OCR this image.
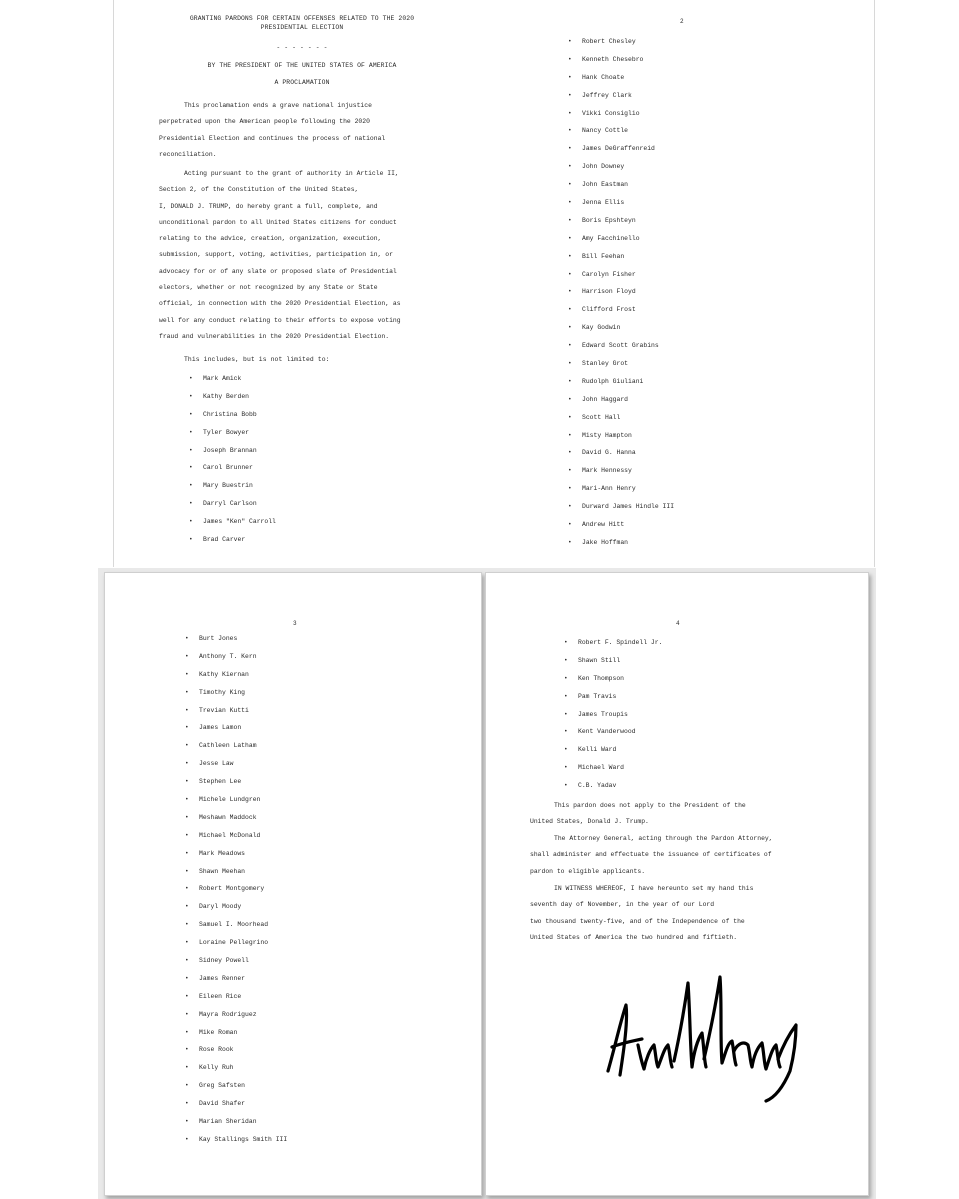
GRANTING PARDONS FOR CERTAIN OFFENSES RELATED TO THE 2020
PRESIDENTIAL ELECTION
- - - - - - -
BY THE PRESIDENT OF THE UNITED STATES OF AMERICA
A PROCLAMATION
This proclamation ends a grave national injustice
perpetrated upon the American people following the 2020
Presidential Election and continues the process of national
reconciliation.
Acting pursuant to the grant of authority in Article II,
Section 2, of the Constitution of the United States,
I, DONALD J. TRUMP, do hereby grant a full, complete, and
unconditional pardon to all United States citizens for conduct
relating to the advice, creation, organization, execution,
submission, support, voting, activities, participation in, or
advocacy for or of any slate or proposed slate of Presidential
electors, whether or not recognized by any State or State
official, in connection with the 2020 Presidential Election, as
well for any conduct relating to their efforts to expose voting
fraud and vulnerabilities in the 2020 Presidential Election.
This includes, but is not limited to:
• Mark Amick
• Kathy Berden
• Christina Bobb
• Tyler Bowyer
• Joseph Brannan
• Carol Brunner
• Mary Buestrin
• Darryl Carlson
• James "Ken" Carroll
• Brad Carver
2
• Robert Chesley
• Kenneth Chesebro
• Hank Choate
• Jeffrey Clark
• Vikki Consiglio
• Nancy Cottle
• James DeGraffenreid
• John Downey
• John Eastman
• Jenna Ellis
• Boris Epshteyn
• Amy Facchinello
• Bill Feehan
• Carolyn Fisher
• Harrison Floyd
• Clifford Frost
• Kay Godwin
• Edward Scott Grabins
• Stanley Grot
• Rudolph Giuliani
• John Haggard
• Scott Hall
• Misty Hampton
• David G. Hanna
• Mark Hennessy
• Mari-Ann Henry
• Durward James Hindle III
• Andrew Hitt
• Jake Hoffman
3
• Burt Jones
• Anthony T. Kern
• Kathy Kiernan
• Timothy King
• Trevian Kutti
• James Lamon
• Cathleen Latham
• Jesse Law
• Stephen Lee
• Michele Lundgren
• Meshawn Maddock
• Michael McDonald
• Mark Meadows
• Shawn Meehan
• Robert Montgomery
• Daryl Moody
• Samuel I. Moorhead
• Loraine Pellegrino
• Sidney Powell
• James Renner
• Eileen Rice
• Mayra Rodriguez
• Mike Roman
• Rose Rook
• Kelly Ruh
• Greg Safsten
• David Shafer
• Marian Sheridan
• Kay Stallings Smith III
4
• Robert F. Spindell Jr.
• Shawn Still
• Ken Thompson
• Pam Travis
• James Troupis
• Kent Vanderwood
• Kelli Ward
• Michael Ward
• C.B. Yadav
This pardon does not apply to the President of the
United States, Donald J. Trump.
The Attorney General, acting through the Pardon Attorney,
shall administer and effectuate the issuance of certificates of
pardon to eligible applicants.
IN WITNESS WHEREOF, I have hereunto set my hand this
seventh day of November, in the year of our Lord
two thousand twenty-five, and of the Independence of the
United States of America the two hundred and fiftieth.
